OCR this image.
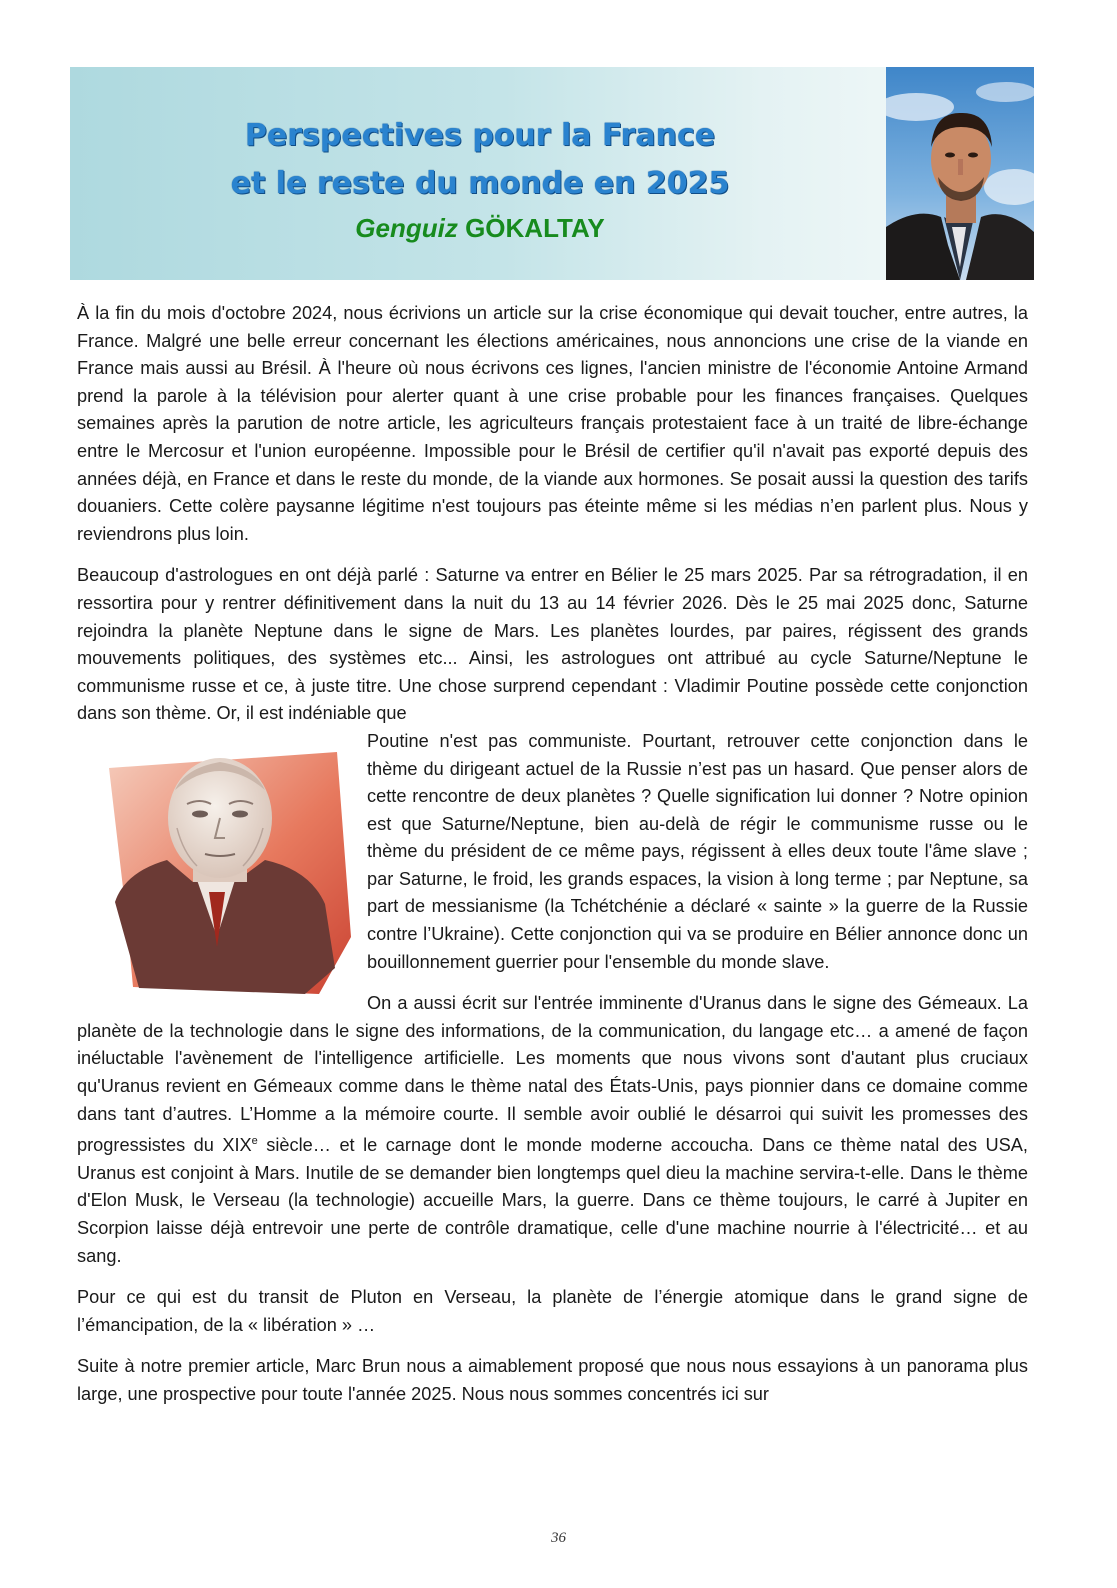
Perspectives pour la France
et le reste du monde en 2025
Genguiz GÖKALTAY

À la fin du mois d'octobre 2024, nous écrivions un article sur la crise économique qui devait toucher, entre autres, la France. Malgré une belle erreur concernant les élections américaines, nous annoncions une crise de la viande en France mais aussi au Brésil. À l'heure où nous écrivons ces lignes, l'ancien ministre de l'économie Antoine Armand prend la parole à la télévision pour alerter quant à une crise probable pour les finances françaises. Quelques semaines après la parution de notre article, les agriculteurs français protestaient face à un traité de libre-échange entre le Mercosur et l'union européenne. Impossible pour le Brésil de certifier qu'il n'avait pas exporté depuis des années déjà, en France et dans le reste du monde, de la viande aux hormones. Se posait aussi la question des tarifs douaniers. Cette colère paysanne légitime n'est toujours pas éteinte même si les médias n’en parlent plus. Nous y reviendrons plus loin.

Beaucoup d'astrologues en ont déjà parlé : Saturne va entrer en Bélier le 25 mars 2025. Par sa rétrogradation, il en ressortira pour y rentrer définitivement dans la nuit du 13 au 14 février 2026. Dès le 25 mai 2025 donc, Saturne rejoindra la planète Neptune dans le signe de Mars. Les planètes lourdes, par paires, régissent des grands mouvements politiques, des systèmes etc... Ainsi, les astrologues ont attribué au cycle Saturne/Neptune le communisme russe et ce, à juste titre. Une chose surprend cependant : Vladimir Poutine possède cette conjonction dans son thème. Or, il est indéniable que

Poutine n'est pas communiste. Pourtant, retrouver cette conjonction dans le thème du dirigeant actuel de la Russie n’est pas un hasard. Que penser alors de cette rencontre de deux planètes ? Quelle signification lui donner ? Notre opinion est que Saturne/Neptune, bien au-delà de régir le communisme russe ou le thème du président de ce même pays, régissent à elles deux toute l'âme slave ; par Saturne, le froid, les grands espaces, la vision à long terme ; par Neptune, sa part de messianisme (la Tchétchénie a déclaré « sainte » la guerre de la Russie contre l’Ukraine). Cette conjonction qui va se produire en Bélier annonce donc un bouillonnement guerrier pour l'ensemble du monde slave.

On a aussi écrit sur l'entrée imminente d'Uranus dans le signe des Gémeaux. La planète de la technologie dans le signe des informations, de la communication, du langage etc… a amené de façon inéluctable l'avènement de l'intelligence artificielle. Les moments que nous vivons sont d'autant plus cruciaux qu'Uranus revient en Gémeaux comme dans le thème natal des États-Unis, pays pionnier dans ce domaine comme dans tant d’autres. L’Homme a la mémoire courte. Il semble avoir oublié le désarroi qui suivit les promesses des progressistes du XIXe siècle… et le carnage dont le monde moderne accoucha. Dans ce thème natal des USA, Uranus est conjoint à Mars. Inutile de se demander bien longtemps quel dieu la machine servira-t-elle. Dans le thème d'Elon Musk, le Verseau (la technologie) accueille Mars, la guerre. Dans ce thème toujours, le carré à Jupiter en Scorpion laisse déjà entrevoir une perte de contrôle dramatique, celle d'une machine nourrie à l'électricité… et au sang.

Pour ce qui est du transit de Pluton en Verseau, la planète de l’énergie atomique dans le grand signe de l’émancipation, de la « libération » …

Suite à notre premier article, Marc Brun nous a aimablement proposé que nous nous essayions à un panorama plus large, une prospective pour toute l'année 2025. Nous nous sommes concentrés ici sur

36
